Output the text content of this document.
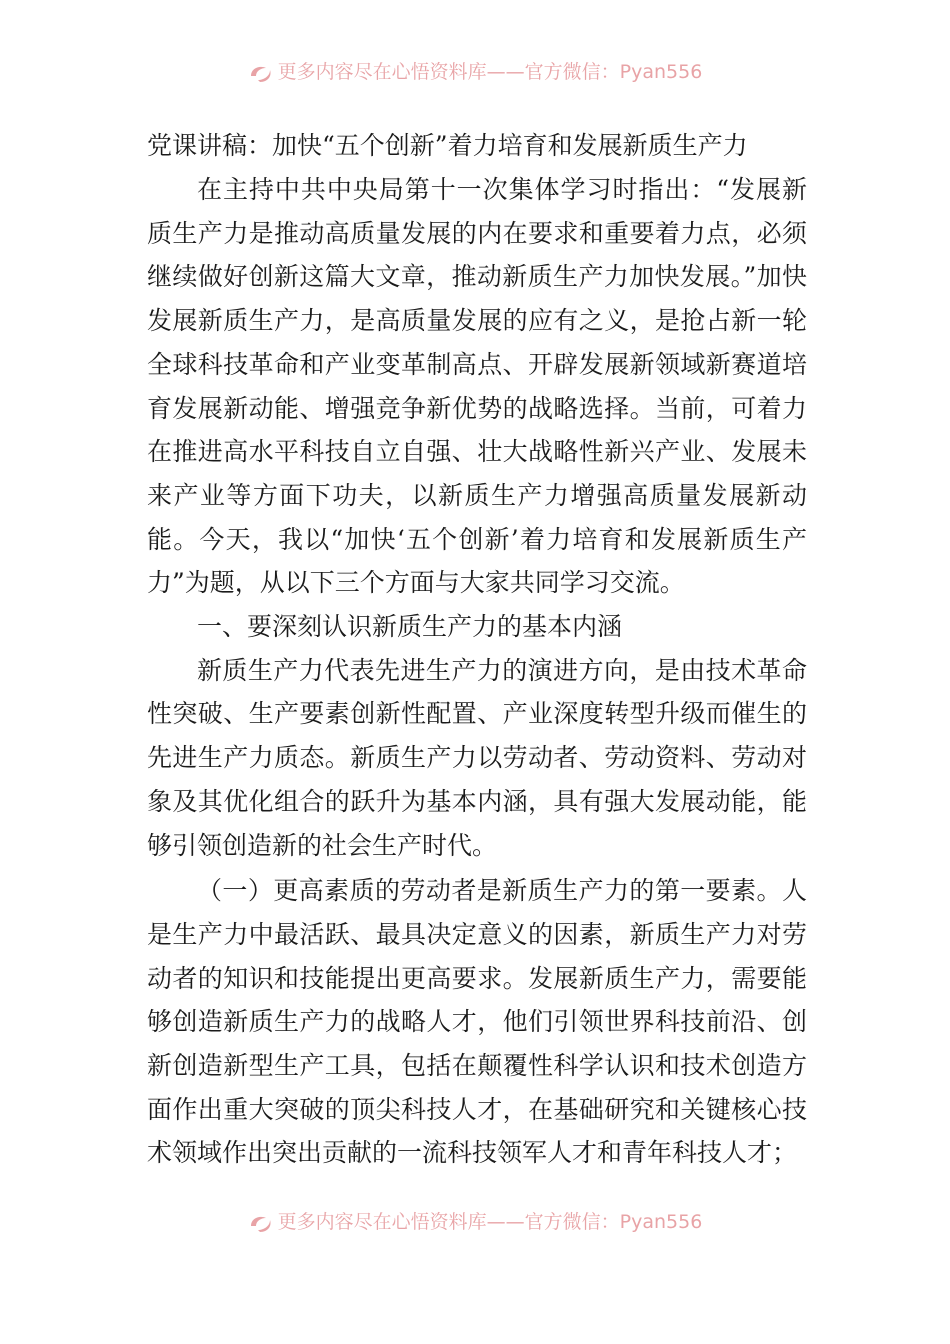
更多内容尽在心悟资料库——官方微信：Pyan556
党课讲稿：加快“五个创新”着力培育和发展新质生产力

在主持中共中央局第十一次集体学习时指出：“发展新质生产力是推动高质量发展的内在要求和重要着力点，必须继续做好创新这篇大文章，推动新质生产力加快发展。”加快发展新质生产力，是高质量发展的应有之义，是抢占新一轮全球科技革命和产业变革制高点、开辟发展新领域新赛道培育发展新动能、增强竞争新优势的战略选择。当前，可着力在推进高水平科技自立自强、壮大战略性新兴产业、发展未来产业等方面下功夫，以新质生产力增强高质量发展新动能。今天，我以“加快‘五个创新’着力培育和发展新质生产力”为题，从以下三个方面与大家共同学习交流。

一、要深刻认识新质生产力的基本内涵

新质生产力代表先进生产力的演进方向，是由技术革命性突破、生产要素创新性配置、产业深度转型升级而催生的先进生产力质态。新质生产力以劳动者、劳动资料、劳动对象及其优化组合的跃升为基本内涵，具有强大发展动能，能够引领创造新的社会生产时代。

（一）更高素质的劳动者是新质生产力的第一要素。人是生产力中最活跃、最具决定意义的因素，新质生产力对劳动者的知识和技能提出更高要求。发展新质生产力，需要能够创造新质生产力的战略人才，他们引领世界科技前沿、创新创造新型生产工具，包括在颠覆性科学认识和技术创造方面作出重大突破的顶尖科技人才，在基础研究和关键核心技术领域作出突出贡献的一流科技领军人才和青年科技人才；

更多内容尽在心悟资料库——官方微信：Pyan556
